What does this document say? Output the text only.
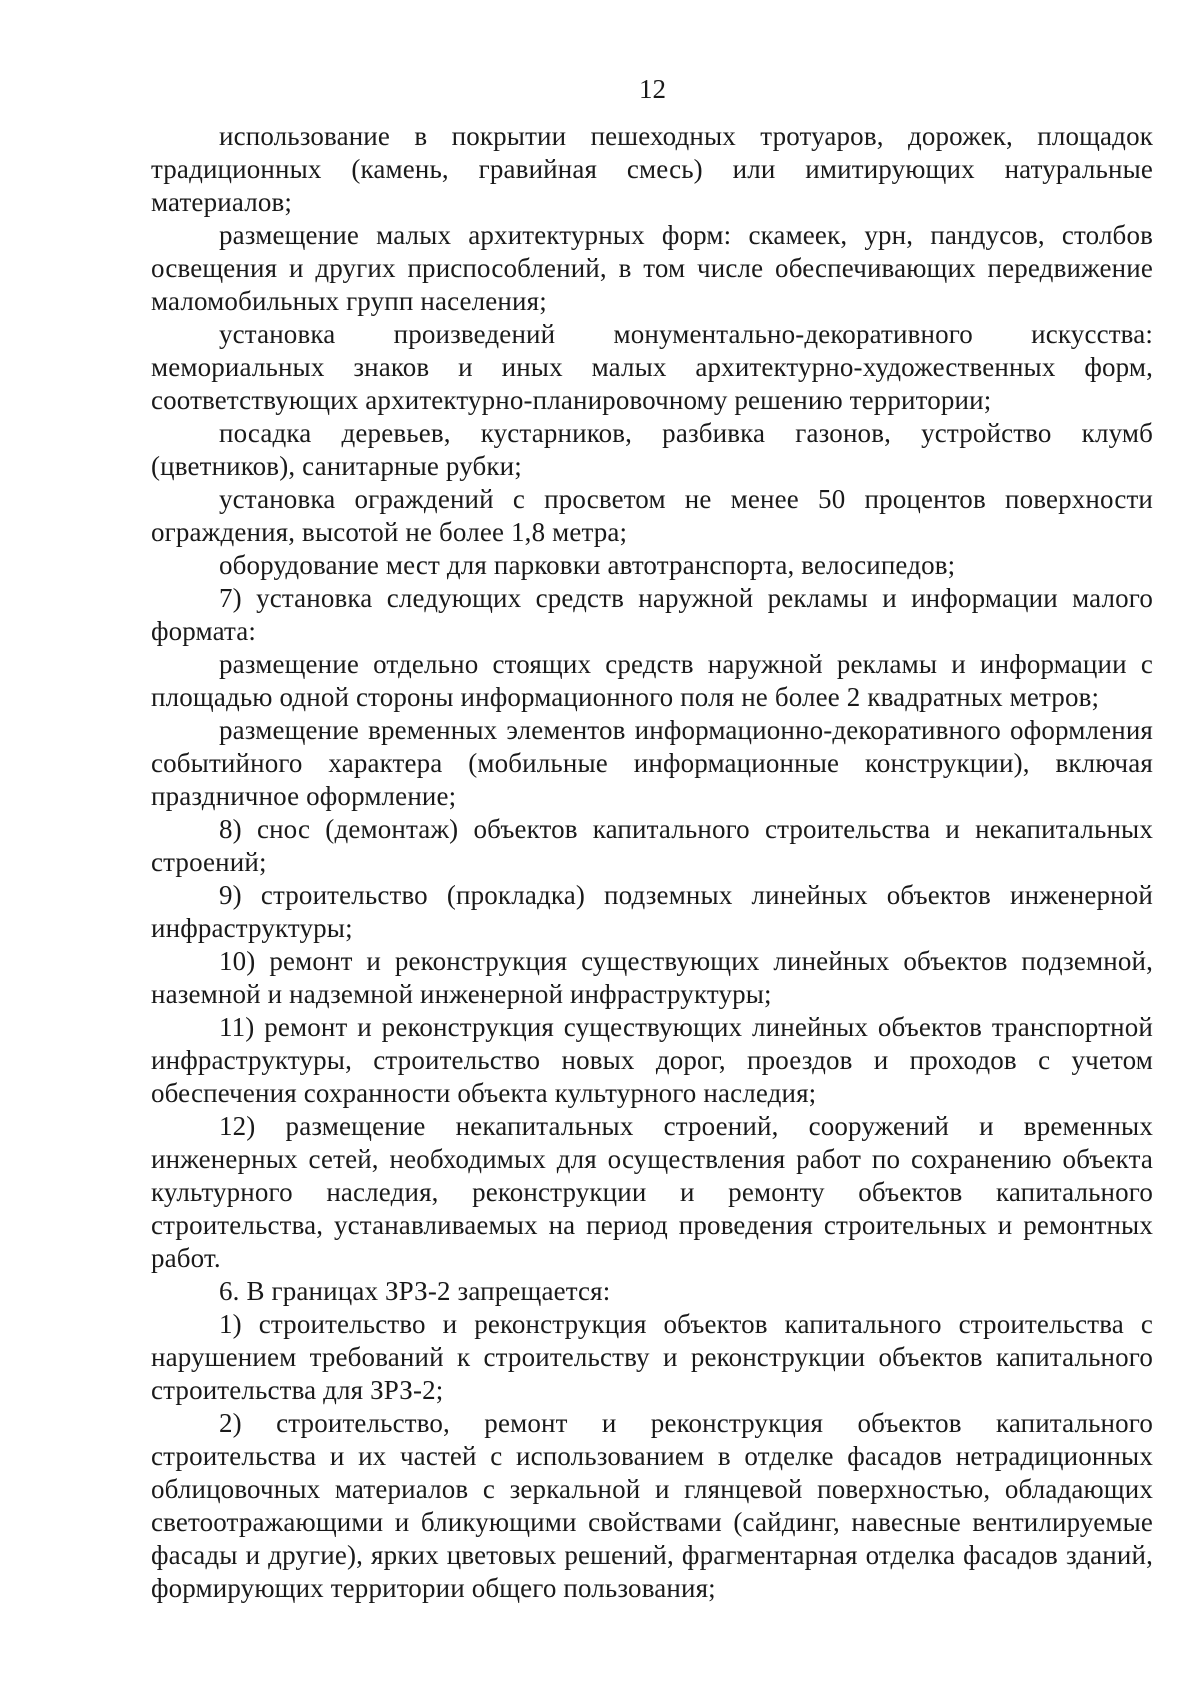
12

использование в покрытии пешеходных тротуаров, дорожек, площадок традиционных (камень, гравийная смесь) или имитирующих натуральные материалов;

размещение малых архитектурных форм: скамеек, урн, пандусов, столбов освещения и других приспособлений, в том числе обеспечивающих передвижение маломобильных групп населения;

установка произведений монументально-декоративного искусства: мемориальных знаков и иных малых архитектурно-художественных форм, соответствующих архитектурно-планировочному решению территории;

посадка деревьев, кустарников, разбивка газонов, устройство клумб (цветников), санитарные рубки;

установка ограждений с просветом не менее 50 процентов поверхности ограждения, высотой не более 1,8 метра;

оборудование мест для парковки автотранспорта, велосипедов;

7) установка следующих средств наружной рекламы и информации малого формата:

размещение отдельно стоящих средств наружной рекламы и информации с площадью одной стороны информационного поля не более 2 квадратных метров;

размещение временных элементов информационно-декоративного оформления событийного характера (мобильные информационные конструкции), включая праздничное оформление;

8) снос (демонтаж) объектов капитального строительства и некапитальных строений;

9) строительство (прокладка) подземных линейных объектов инженерной инфраструктуры;

10) ремонт и реконструкция существующих линейных объектов подземной, наземной и надземной инженерной инфраструктуры;

11) ремонт и реконструкция существующих линейных объектов транспортной инфраструктуры, строительство новых дорог, проездов и проходов с учетом обеспечения сохранности объекта культурного наследия;

12) размещение некапитальных строений, сооружений и временных инженерных сетей, необходимых для осуществления работ по сохранению объекта культурного наследия, реконструкции и ремонту объектов капитального строительства, устанавливаемых на период проведения строительных и ремонтных работ.

6. В границах ЗРЗ-2 запрещается:

1) строительство и реконструкция объектов капитального строительства с нарушением требований к строительству и реконструкции объектов капитального строительства для ЗРЗ-2;

2) строительство, ремонт и реконструкция объектов капитального строительства и их частей с использованием в отделке фасадов нетрадиционных облицовочных материалов с зеркальной и глянцевой поверхностью, обладающих светоотражающими и бликующими свойствами (сайдинг, навесные вентилируемые фасады и другие), ярких цветовых решений, фрагментарная отделка фасадов зданий, формирующих территории общего пользования;
